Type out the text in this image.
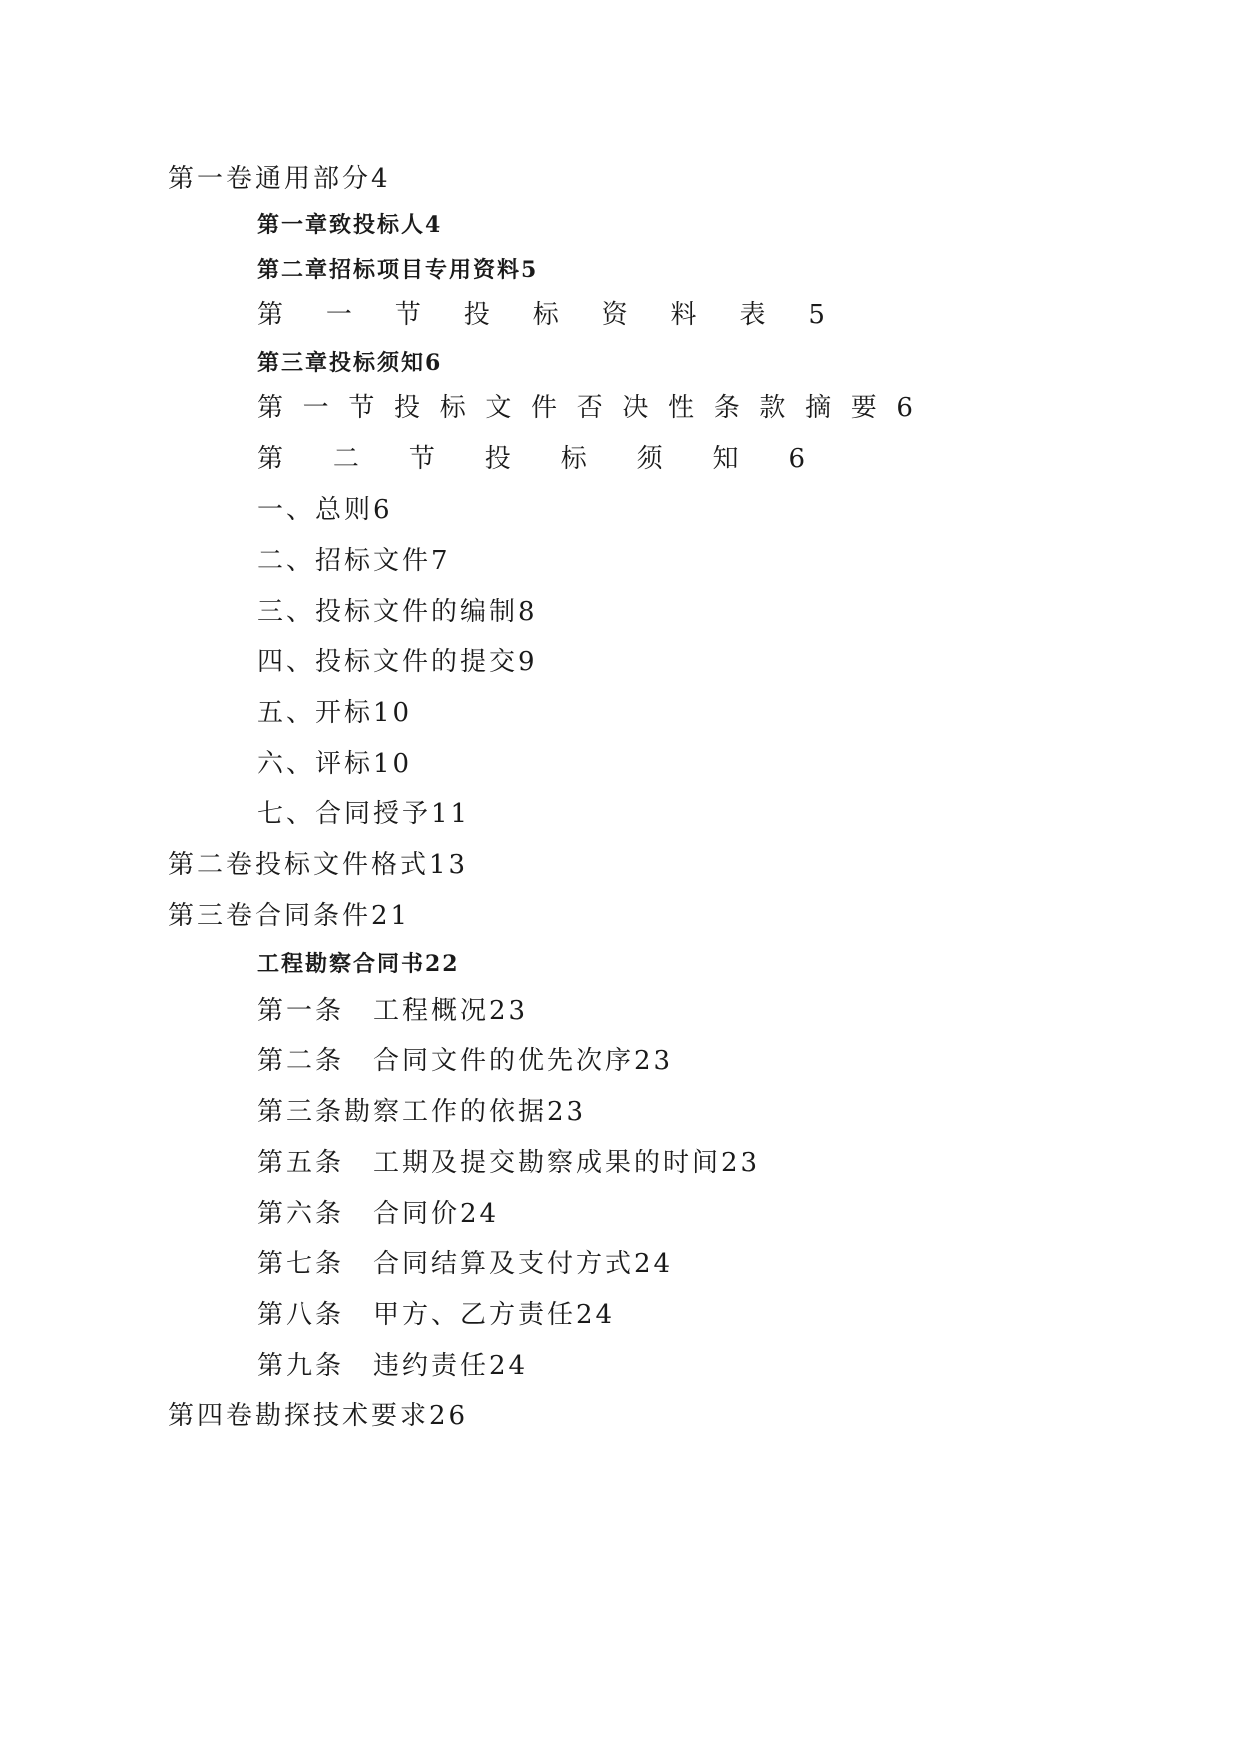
第一卷通用部分4
第一章致投标人4
第二章招标项目专用资料5
第 一 节 投 标 资 料 表 5
第三章投标须知6
第 一 节 投 标 文 件 否 决 性 条 款 摘 要 6
第 二 节 投 标 须 知 6
一、总则6
二、招标文件7
三、投标文件的编制8
四、投标文件的提交9
五、开标10
六、评标10
七、合同授予11
第二卷投标文件格式13
第三卷合同条件21
工程勘察合同书22
第一条　工程概况23
第二条　合同文件的优先次序23
第三条勘察工作的依据23
第五条　工期及提交勘察成果的时间23
第六条　合同价24
第七条　合同结算及支付方式24
第八条　甲方、乙方责任24
第九条　违约责任24
第四卷勘探技术要求26
